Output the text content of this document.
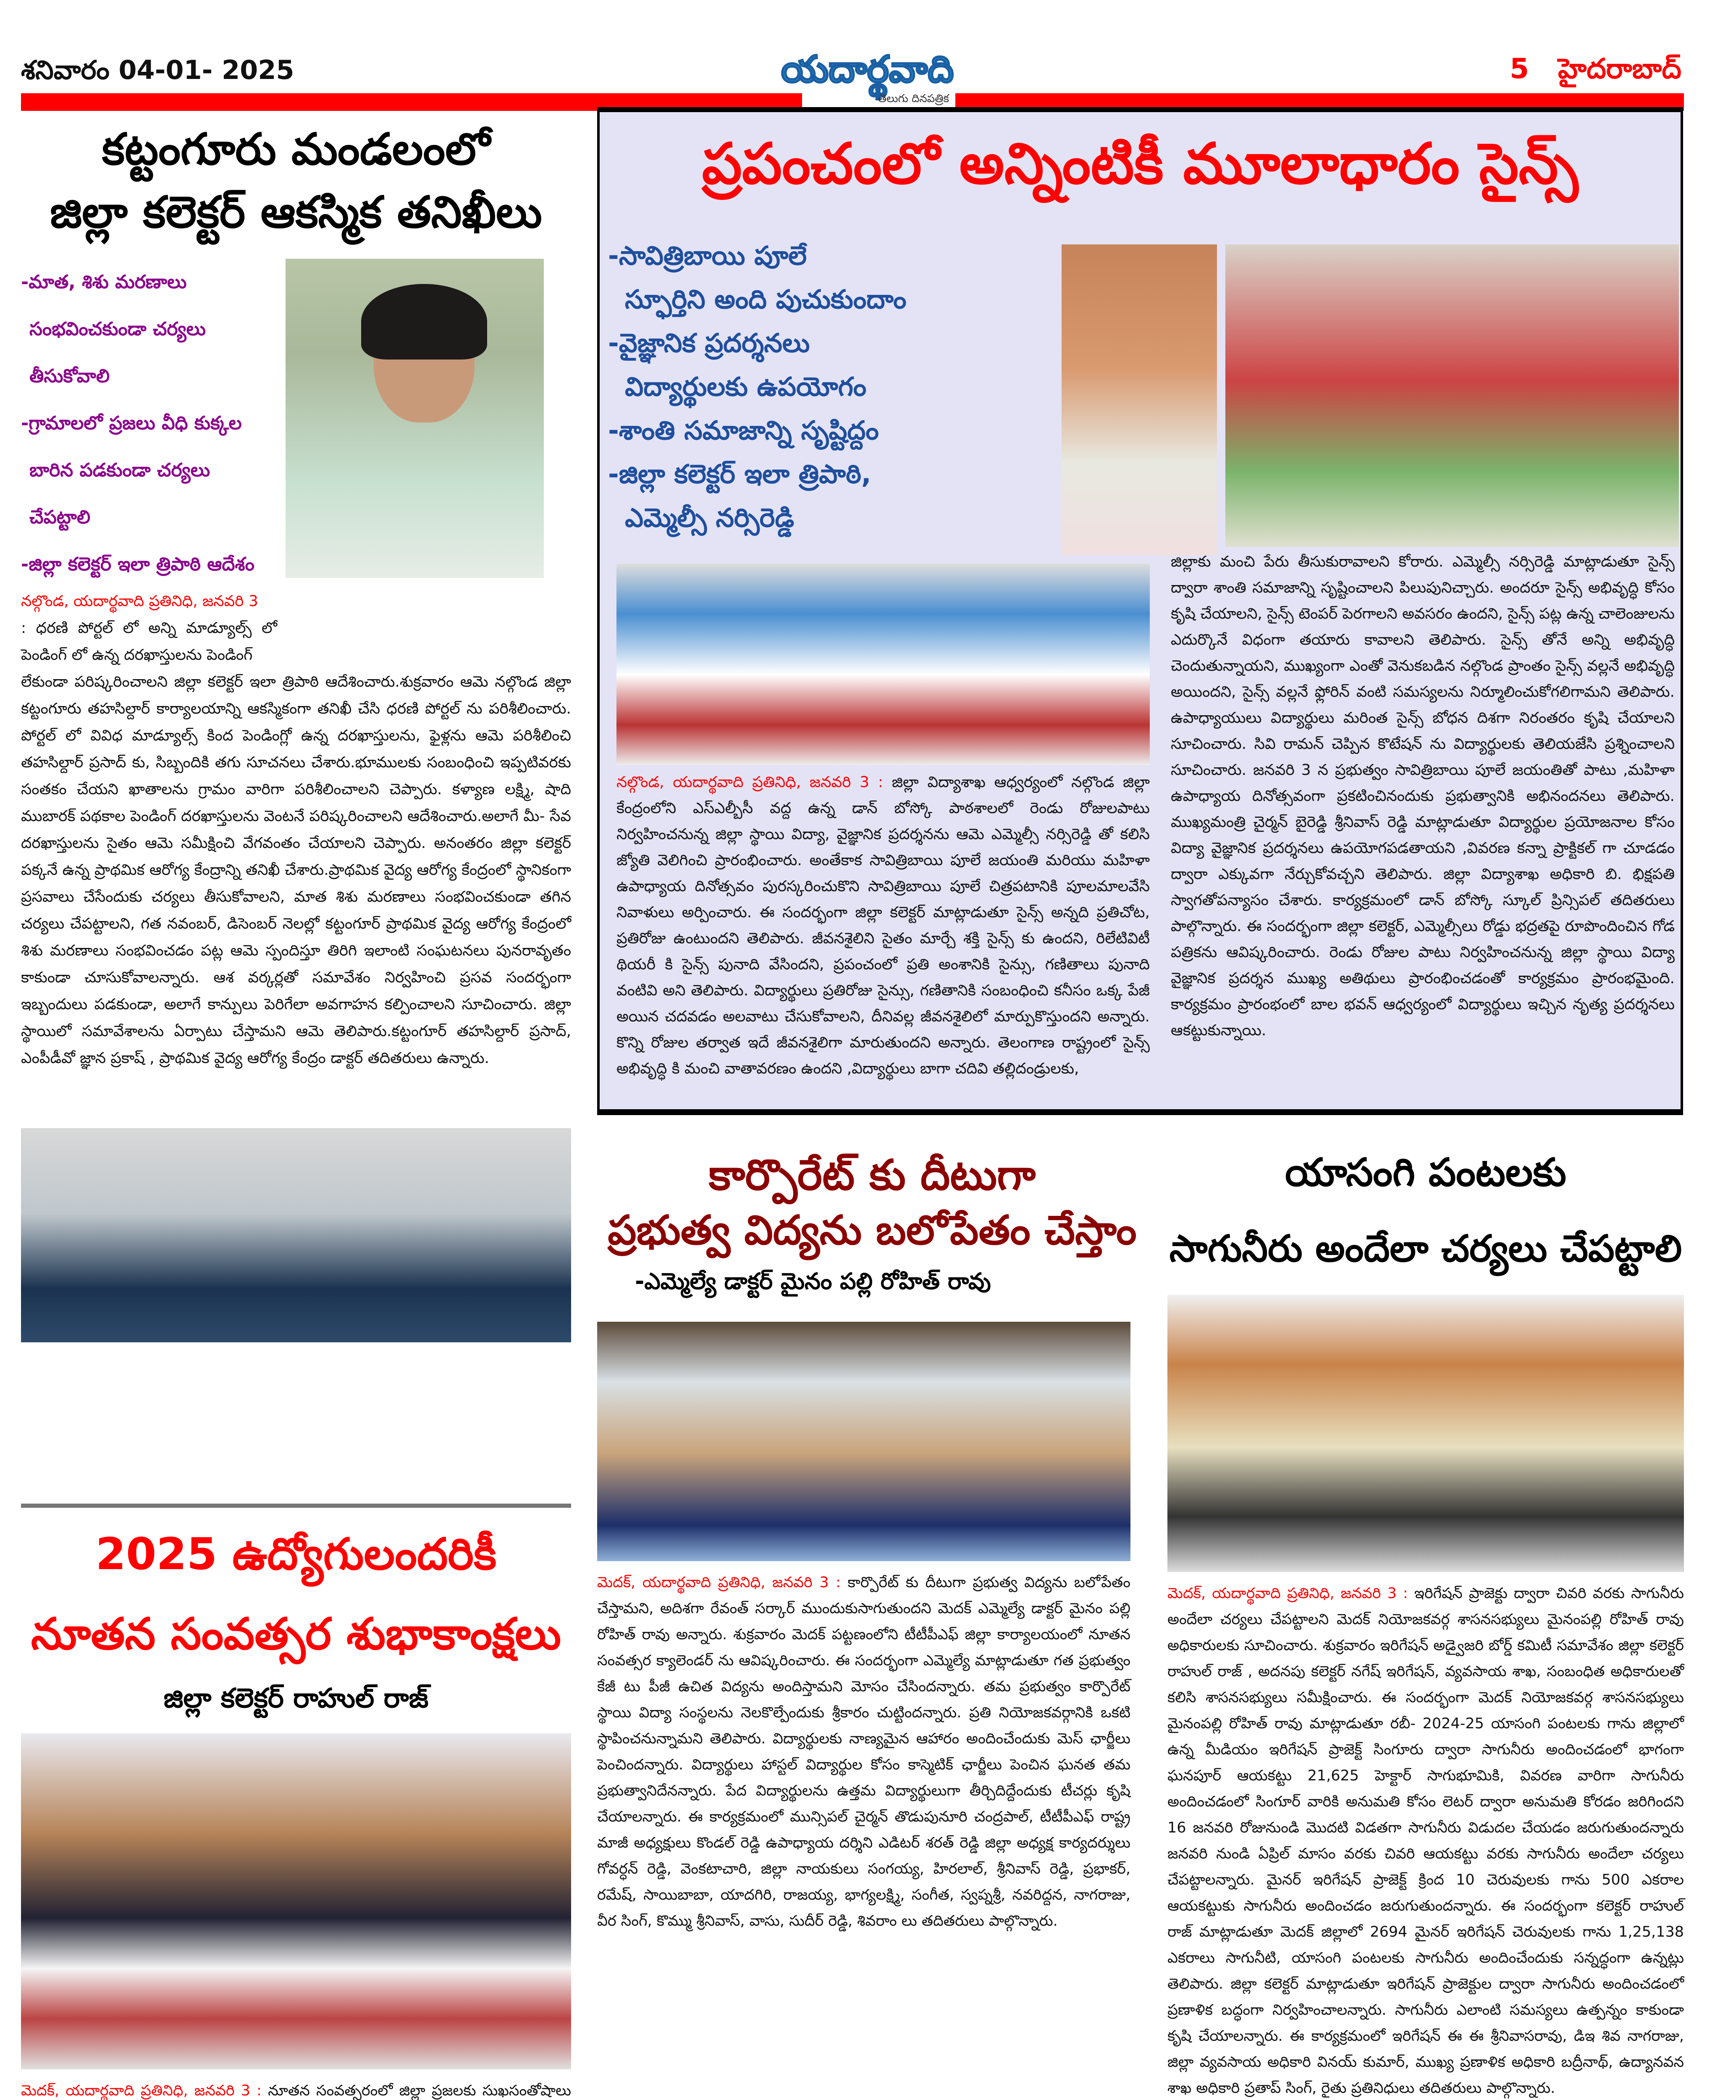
శనివారం 04-01- 2025	యదార్థవాది
తెలుగు దినపత్రిక
5 హైదరాబాద్
కట్టంగూరు మండలంలో
జిల్లా కలెక్టర్ ఆకస్మిక తనిఖీలు
-మాత, శిశు మరణాలు
సంభవించకుండా చర్యలు తీసుకోవాలి
-గ్రామాలలో ప్రజలు వీధి కుక్కల
బారిన పడకుండా చర్యలు చేపట్టాలి
-జిల్లా కలెక్టర్ ఇలా త్రిపాఠి ఆదేశం
నల్గొండ, యదార్థవాది ప్రతినిధి, జనవరి 3
: ధరణి పోర్టల్ లో అన్ని మాడ్యూల్స్ లో పెండింగ్ లో ఉన్న దరఖాస్తులను పెండింగ్
లేకుండా పరిష్కరించాలని జిల్లా కలెక్టర్ ఇలా త్రిపాఠి ఆదేశించారు.శుక్రవారం ఆమె నల్గొండ జిల్లా కట్టంగూరు తహసిల్దార్ కార్యాలయాన్ని ఆకస్మికంగా తనిఖీ చేసి ధరణి పోర్టల్ ను పరిశీలించారు. పోర్టల్ లో వివిధ మాడ్యూల్స్ కింద పెండింగ్లో ఉన్న దరఖాస్తులను, ఫైళ్లను ఆమె పరిశీలించి తహసిల్దార్ ప్రసాద్ కు, సిబ్బందికి తగు సూచనలు చేశారు.భూములకు సంబంధించి ఇప్పటివరకు సంతకం చేయని ఖాతాలను గ్రామం వారిగా పరిశీలించాలని చెప్పారు. కళ్యాణ లక్ష్మి, షాది ముబారక్ పథకాల పెండింగ్ దరఖాస్తులను వెంటనే పరిష్కరించాలని ఆదేశించారు.అలాగే మీ- సేవ దరఖాస్తులను సైతం ఆమె సమీక్షించి వేగవంతం చేయాలని చెప్పారు. అనంతరం జిల్లా కలెక్టర్ పక్కనే ఉన్న ప్రాథమిక ఆరోగ్య కేంద్రాన్ని తనిఖీ చేశారు.ప్రాథమిక వైద్య ఆరోగ్య కేంద్రంలో స్థానికంగా ప్రసవాలు చేసేందుకు చర్యలు తీసుకోవాలని, మాత శిశు మరణాలు సంభవించకుండా తగిన చర్యలు చేపట్టాలని, గత నవంబర్, డిసెంబర్ నెలల్లో కట్టంగూర్ ప్రాథమిక వైద్య ఆరోగ్య కేంద్రంలో శిశు మరణాలు సంభవించడం పట్ల ఆమె స్పందిస్తూ తిరిగి ఇలాంటి సంఘటనలు పునరావృతం కాకుండా చూసుకోవాలన్నారు. ఆశ వర్కర్లతో సమావేశం నిర్వహించి ప్రసవ సందర్భంగా ఇబ్బందులు పడకుండా, అలాగే కాన్పులు పెరిగేలా అవగాహన కల్పించాలని సూచించారు. జిల్లా స్థాయిలో సమావేశాలను ఏర్పాటు చేస్తామని ఆమె తెలిపారు.కట్టంగూర్ తహసిల్దార్ ప్రసాద్, ఎంపీడీవో జ్ఞాన ప్రకాష్ , ప్రాథమిక వైద్య ఆరోగ్య కేంద్రం డాక్టర్ తదితరులు ఉన్నారు.
ప్రపంచంలో అన్నింటికీ మూలాధారం సైన్స్
-సావిత్రిబాయి పూలే
స్ఫూర్తిని అంది పుచుకుందాం
-వైజ్ఞానిక ప్రదర్శనలు
విద్యార్థులకు ఉపయోగం
-శాంతి సమాజాన్ని సృష్టిద్దం
-జిల్లా కలెక్టర్ ఇలా త్రిపాఠి,
ఎమ్మెల్సీ నర్సిరెడ్డి
నల్గొండ, యదార్థవాది ప్రతినిధి, జనవరి 3 : జిల్లా విద్యాశాఖ ఆధ్వర్యంలో నల్గొండ జిల్లా కేంద్రంలోని ఎస్ఎల్బీసీ వద్ద ఉన్న డాన్ బోస్కో పాఠశాలలో రెండు రోజులపాటు నిర్వహించనున్న జిల్లా స్థాయి విద్యా, వైజ్ఞానిక ప్రదర్శనను ఆమె ఎమ్మెల్సీ నర్సిరెడ్డి తో కలిసి జ్యోతి వెలిగించి ప్రారంభించారు. అంతేకాక సావిత్రిబాయి పూలే జయంతి మరియు మహిళా ఉపాధ్యాయ దినోత్సవం పురస్కరించుకొని సావిత్రిబాయి పూలే చిత్రపటానికి పూలమాలవేసి నివాళులు అర్పించారు. ఈ సందర్భంగా జిల్లా కలెక్టర్ మాట్లాడుతూ సైన్స్ అన్నది ప్రతిచోట, ప్రతిరోజు ఉంటుందని తెలిపారు. జీవనశైలిని సైతం మార్చే శక్తి సైన్స్ కు ఉందని, రిలేటివిటీ థియరీ కి సైన్స్ పునాది వేసిందని, ప్రపంచంలో ప్రతి అంశానికి సైన్సు, గణితాలు పునాది వంటివి అని తెలిపారు. విద్యార్థులు ప్రతిరోజు సైన్సు, గణితానికి సంబంధించి కనీసం ఒక్క పేజీ అయిన చదవడం అలవాటు చేసుకోవాలని, దీనివల్ల జీవనశైలిలో మార్పుకొస్తుందని అన్నారు. కొన్ని రోజుల తర్వాత ఇదే జీవనశైలిగా మారుతుందని అన్నారు. తెలంగాణ రాష్ట్రంలో సైన్స్ అభివృద్ధి కి మంచి వాతావరణం ఉందని ,విద్యార్థులు బాగా చదివి తల్లిదండ్రులకు,
జిల్లాకు మంచి పేరు తీసుకురావాలని కోరారు. ఎమ్మెల్సీ నర్సిరెడ్డి మాట్లాడుతూ సైన్స్ ద్వారా శాంతి సమాజాన్ని సృష్టించాలని పిలుపునిచ్చారు. అందరూ సైన్స్ అభివృద్ధి కోసం కృషి చేయాలని, సైన్స్ టెంపర్ పెరగాలని అవసరం ఉందని, సైన్స్ పట్ల ఉన్న చాలెంజులను ఎదుర్కొనే విధంగా తయారు కావాలని తెలిపారు. సైన్స్ తోనే అన్ని అభివృద్ధి చెందుతున్నాయని, ముఖ్యంగా ఎంతో వెనుకబడిన నల్గొండ ప్రాంతం సైన్స్ వల్లనే అభివృద్ధి అయిందని, సైన్స్ వల్లనే ఫ్లోరిన్ వంటి సమస్యలను నిర్మూలించుకోగలిగామని తెలిపారు. ఉపాధ్యాయులు విద్యార్థులు మరింత సైన్స్ బోధన దిశగా నిరంతరం కృషి చేయాలని సూచించారు. సివి రామన్ చెప్పిన కొటేషన్ ను విద్యార్థులకు తెలియజేసి ప్రశ్నించాలని సూచించారు. జనవరి 3 న ప్రభుత్వం సావిత్రిబాయి పూలే జయంతితో పాటు ,మహిళా ఉపాధ్యాయ దినోత్సవంగా ప్రకటించినందుకు ప్రభుత్వానికి అభినందనలు తెలిపారు. ముఖ్యమంత్రి చైర్మన్ బైరెడ్డి శ్రీనివాస్ రెడ్డి మాట్లాడుతూ విద్యార్థుల ప్రయోజనాల కోసం విద్యా వైజ్ఞానిక ప్రదర్శనలు ఉపయోగపడతాయని ,వివరణ కన్నా ప్రాక్టికల్ గా చూడడం ద్వారా ఎక్కువగా నేర్చుకోవచ్చని తెలిపారు. జిల్లా విద్యాశాఖ అధికారి బి. భిక్షపతి స్వాగతోపన్యాసం చేశారు. కార్యక్రమంలో డాన్ బోస్కో స్కూల్ ప్రిన్సిపల్ తదితరులు పాల్గొన్నారు. ఈ సందర్భంగా జిల్లా కలెక్టర్, ఎమ్మెల్సీలు రోడ్డు భద్రతపై రూపొందించిన గోడ పత్రికను ఆవిష్కరించారు. రెండు రోజుల పాటు నిర్వహించనున్న జిల్లా స్థాయి విద్యా వైజ్ఞానిక ప్రదర్శన ముఖ్య అతిథులు ప్రారంభించడంతో కార్యక్రమం ప్రారంభమైంది. కార్యక్రమం ప్రారంభంలో బాల భవన్ ఆధ్వర్యంలో విద్యార్థులు ఇచ్చిన నృత్య ప్రదర్శనలు ఆకట్టుకున్నాయి.
కార్పొరేట్ కు దీటుగా
ప్రభుత్వ విద్యను బలోపేతం చేస్తాం
-ఎమ్మెల్యే డాక్టర్ మైనం పల్లి రోహిత్ రావు
మెదక్, యదార్థవాది ప్రతినిధి, జనవరి 3 : కార్పొరేట్ కు దీటుగా ప్రభుత్వ విద్యను బలోపేతం చేస్తామని, అదిశగా రేవంత్ సర్కార్ ముందుకుసాగుతుందని మెదక్ ఎమ్మెల్యే డాక్టర్ మైనం పల్లి రోహిత్ రావు అన్నారు. శుక్రవారం మెదక్ పట్టణంలోని టీటీపీఎఫ్ జిల్లా కార్యాలయంలో నూతన సంవత్సర క్యాలెండర్ ను ఆవిష్కరించారు. ఈ సందర్భంగా ఎమ్మెల్యే మాట్లాడుతూ గత ప్రభుత్వం కేజీ టు పీజీ ఉచిత విద్యను అందిస్తామని మోసం చేసిందన్నారు. తమ ప్రభుత్వం కార్పొరేట్ స్థాయి విద్యా సంస్థలను నెలకొల్పేందుకు శ్రీకారం చుట్టిందన్నారు. ప్రతి నియోజకవర్గానికి ఒకటి స్థాపించనున్నామని తెలిపారు. విద్యార్థులకు నాణ్యమైన ఆహారం అందించేందుకు మెస్ ఛార్జీలు పెంచిందన్నారు. విద్యార్థులు హాస్టల్ విద్యార్థుల కోసం కాస్మెటిక్ ఛార్జీలు పెంచిన ఘనత తమ ప్రభుత్వానిదేనన్నారు. పేద విద్యార్థులను ఉత్తమ విద్యార్థులుగా తీర్చిదిద్దేందుకు టీచర్లు కృషి చేయాలన్నారు. ఈ కార్యక్రమంలో మున్సిపల్ చైర్మన్ తొడుపునూరి చంద్రపాల్, టీటీపీఎఫ్ రాష్ట్ర మాజీ అధ్యక్షులు కొండల్ రెడ్డి ఉపాధ్యాయ దర్శిని ఎడిటర్ శరత్ రెడ్డి జిల్లా అధ్యక్ష కార్యదర్శులు గోవర్ధన్ రెడ్డి, వెంకటాచారి, జిల్లా నాయకులు సంగయ్య, హిరలాల్, శ్రీనివాస్ రెడ్డి, ప్రభాకర్, రమేష్, సాయిబాబా, యాదగిరి, రాజయ్య, భాగ్యలక్ష్మి, సంగీత, స్వప్నశ్రీ, నవరిద్దన, నాగరాజు, వీర సింగ్, కొమ్ము శ్రీనివాస్, వాసు, సుదీర్ రెడ్డి, శివరాం లు తదితరులు పాల్గొన్నారు.
యాసంగి పంటలకు
సాగునీరు అందేలా చర్యలు చేపట్టాలి
మెదక్, యదార్థవాది ప్రతినిధి, జనవరి 3 : ఇరిగేషన్ ప్రాజెక్టు ద్వారా చివరి వరకు సాగునీరు అందేలా చర్యలు చేపట్టాలని మెదక్ నియోజకవర్గ శాసనసభ్యులు మైనంపల్లి రోహిత్ రావు అధికారులకు సూచించారు. శుక్రవారం ఇరిగేషన్ అడ్వైజరి బోర్డ్ కమిటీ సమావేశం జిల్లా కలెక్టర్ రాహుల్ రాజ్ , అదనపు కలెక్టర్ నగేష్ ఇరిగేషన్, వ్యవసాయ శాఖ, సంబంధిత అధికారులతో కలిసి శాసనసభ్యులు సమీక్షించారు. ఈ సందర్భంగా మెదక్ నియోజకవర్గ శాసనసభ్యులు మైనంపల్లి రోహిత్ రావు మాట్లాడుతూ రబీ- 2024-25 యాసంగి పంటలకు గాను జిల్లాలో ఉన్న మీడియం ఇరిగేషన్ ప్రాజెక్ట్ సింగూరు ద్వారా సాగునీరు అందించడంలో భాగంగా ఘనపూర్ ఆయకట్టు 21,625 హెక్టార్ సాగుభూమికి, వివరణ వారిగా సాగునీరు అందించడంలో సింగూర్ వారికి అనుమతి కోసం లెటర్ ద్వారా అనుమతి కోరడం జరిగిందని 16 జనవరి రోజునుండి మొదటి విడతగా సాగునీరు విడుదల చేయడం జరుగుతుందన్నారు జనవరి నుండి ఏప్రిల్ మాసం వరకు చివరి ఆయకట్టు వరకు సాగునీరు అందేలా చర్యలు చేపట్టాలన్నారు. మైనర్ ఇరిగేషన్ ప్రాజెక్ట్ క్రింద 10 చెరువులకు గాను 500 ఎకరాల ఆయకట్టుకు సాగునీరు అందించడం జరుగుతుందన్నారు. ఈ సందర్భంగా కలెక్టర్ రాహుల్ రాజ్ మాట్లాడుతూ మెదక్ జిల్లాలో 2694 మైనర్ ఇరిగేషన్ చెరువులకు గాను 1,25,138 ఎకరాలు సాగునీటి, యాసంగి పంటలకు సాగునీరు అందించేందుకు సన్నద్ధంగా ఉన్నట్లు తెలిపారు. జిల్లా కలెక్టర్ మాట్లాడుతూ ఇరిగేషన్ ప్రాజెక్టుల ద్వారా సాగునీరు అందించడంలో ప్రణాళిక బద్ధంగా నిర్వహించాలన్నారు. సాగునీరు ఎలాంటి సమస్యలు ఉత్పన్నం కాకుండా కృషి చేయాలన్నారు. ఈ కార్యక్రమంలో ఇరిగేషన్ ఈ ఈ శ్రీనివాసరావు, డిఇ శివ నాగరాజు, జిల్లా వ్యవసాయ అధికారి వినయ్ కుమార్, ముఖ్య ప్రణాళిక అధికారి బద్రీనాథ్, ఉద్యానవన శాఖ అధికారి ప్రతాప్ సింగ్, రైతు ప్రతినిధులు తదితరులు పాల్గొన్నారు.
2025 ఉద్యోగులందరికీ
నూతన సంవత్సర శుభాకాంక్షలు
జిల్లా కలెక్టర్ రాహుల్ రాజ్
మెదక్, యదార్థవాది ప్రతినిధి, జనవరి 3 : నూతన సంవత్సరంలో జిల్లా ప్రజలకు సుఖసంతోషాలు
